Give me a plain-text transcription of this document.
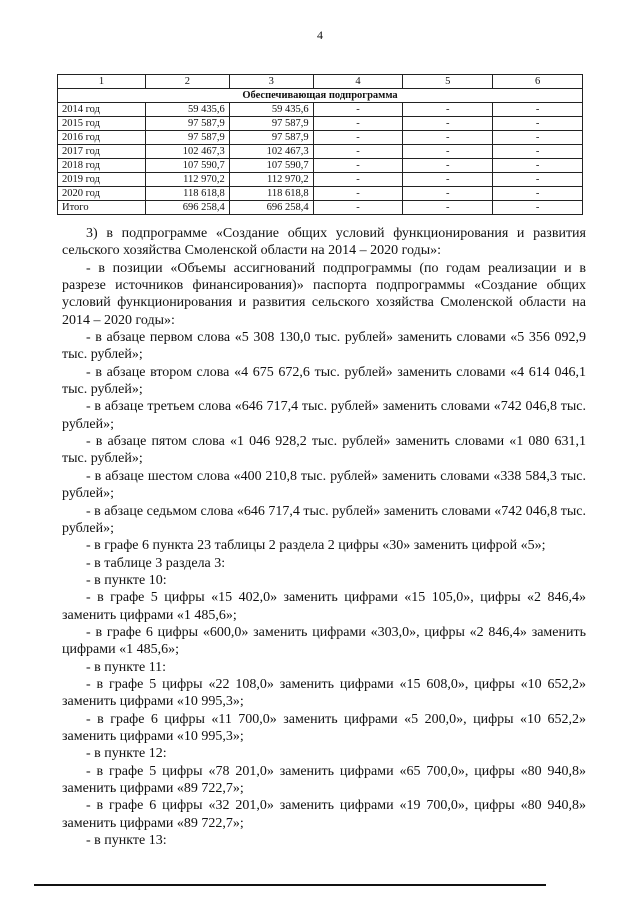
4
1	2	3	4	5	6
Обеспечивающая подпрограмма					
2014 год	59 435,6	59 435,6	-	-	-
2015 год	97 587,9	97 587,9	-	-	-
2016 год	97 587,9	97 587,9	-	-	-
2017 год	102 467,3	102 467,3	-	-	-
2018 год	107 590,7	107 590,7	-	-	-
2019 год	112 970,2	112 970,2	-	-	-
2020 год	118 618,8	118 618,8	-	-	-
Итого	696 258,4	696 258,4	-	-	-

3) в подпрограмме «Создание общих условий функционирования и развития сельского хозяйства Смоленской области на 2014 – 2020 годы»:

- в позиции «Объемы ассигнований подпрограммы (по годам реализации и в разрезе источников финансирования)» паспорта подпрограммы «Создание общих условий функционирования и развития сельского хозяйства Смоленской области на 2014 – 2020 годы»:

- в абзаце первом слова «5 308 130,0 тыс. рублей» заменить словами «5 356 092,9 тыс. рублей»;

- в абзаце втором слова «4 675 672,6 тыс. рублей» заменить словами «4 614 046,1 тыс. рублей»;

- в абзаце третьем слова «646 717,4 тыс. рублей» заменить словами «742 046,8 тыс. рублей»;

- в абзаце пятом слова «1 046 928,2 тыс. рублей» заменить словами «1 080 631,1 тыс. рублей»;

- в абзаце шестом слова «400 210,8 тыс. рублей» заменить словами «338 584,3 тыс. рублей»;

- в абзаце седьмом слова «646 717,4 тыс. рублей» заменить словами «742 046,8 тыс. рублей»;

- в графе 6 пункта 23 таблицы 2 раздела 2 цифры «30» заменить цифрой «5»;

- в таблице 3 раздела 3:

- в пункте 10:

- в графе 5 цифры «15 402,0» заменить цифрами «15 105,0», цифры «2 846,4» заменить цифрами «1 485,6»;

- в графе 6 цифры «600,0» заменить цифрами «303,0», цифры «2 846,4» заменить цифрами «1 485,6»;

- в пункте 11:

- в графе 5 цифры «22 108,0» заменить цифрами «15 608,0», цифры «10 652,2» заменить цифрами «10 995,3»;

- в графе 6 цифры «11 700,0» заменить цифрами «5 200,0», цифры «10 652,2» заменить цифрами «10 995,3»;

- в пункте 12:

- в графе 5 цифры «78 201,0» заменить цифрами «65 700,0», цифры «80 940,8» заменить цифрами «89 722,7»;

- в графе 6 цифры «32 201,0» заменить цифрами «19 700,0», цифры «80 940,8» заменить цифрами «89 722,7»;

- в пункте 13:
